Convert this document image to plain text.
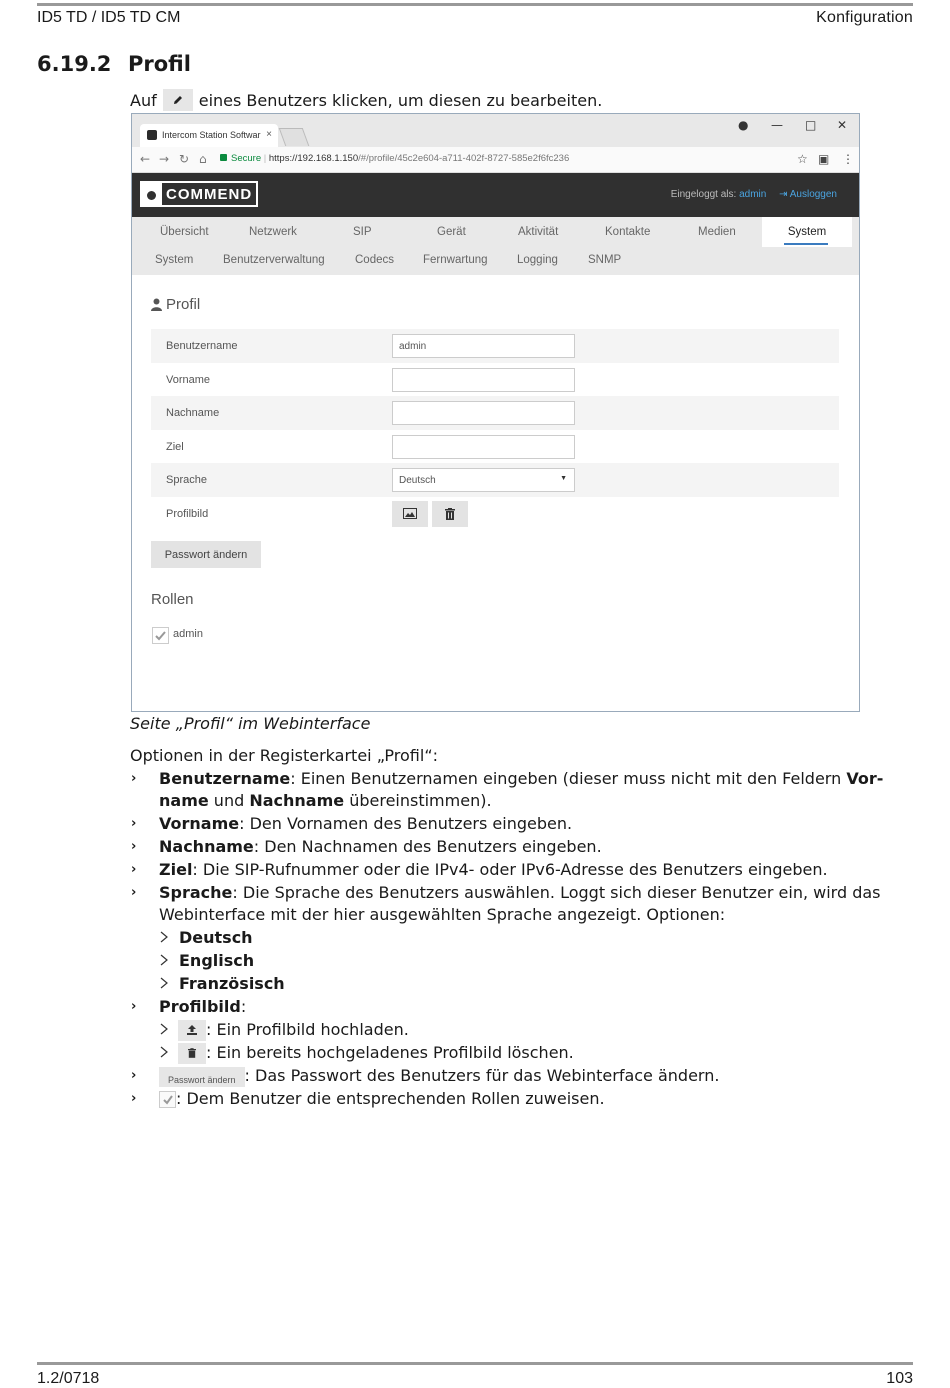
ID5 TD / ID5 TD CM	Konfiguration
1.2/0718	103
6.19.2 Profil
Auf	eines Benutzers klicken, um diesen zu bearbeiten.
Intercom Station Softwar ×
● — □ ✕
← → ↻ ⌂	Secure | https://192.168.1.150/#/profile/45c2e604-a711-402f-8727-585e2f6fc236	☆ ▣ ⋮
COMMEND	Eingeloggt als: admin ⇥ Ausloggen
Übersicht	Netzwerk	SIP	Gerät	Aktivität	Kontakte	Medien	System
System	Benutzerverwaltung	Codecs	Fernwartung	Logging	SNMP
Profil
Benutzername	admin
Vorname
Nachname
Ziel
Sprache	Deutsch	▼
Profilbild
Passwort ändern
Rollen
admin
Seite „Profil“ im Webinterface
Optionen in der Registerkartei „Profil“:
› Benutzername: Einen Benutzernamen eingeben (dieser muss nicht mit den Feldern Vor-
name und Nachname übereinstimmen).
› Vorname: Den Vornamen des Benutzers eingeben.
› Nachname: Den Nachnamen des Benutzers eingeben.
› Ziel: Die SIP-Rufnummer oder die IPv4- oder IPv6-Adresse des Benutzers eingeben.
› Sprache: Die Sprache des Benutzers auswählen. Loggt sich dieser Benutzer ein, wird das
Webinterface mit der hier ausgewählten Sprache angezeigt. Optionen:
Deutsch
Englisch
Französisch
› Profilbild:
: Ein Profilbild hochladen.
: Ein bereits hochgeladenes Profilbild löschen.
›	Passwort ändern : Das Passwort des Benutzers für das Webinterface ändern.
›	: Dem Benutzer die entsprechenden Rollen zuweisen.
